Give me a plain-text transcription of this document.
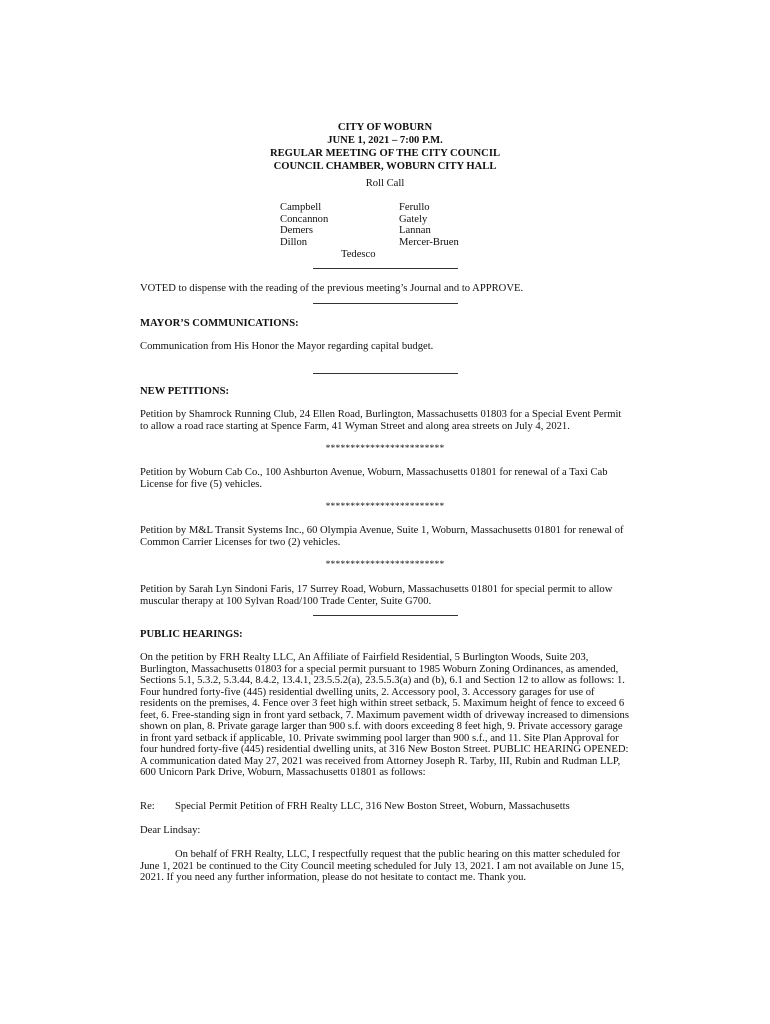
CITY OF WOBURN
JUNE 1, 2021 – 7:00 P.M.
REGULAR MEETING OF THE CITY COUNCIL
COUNCIL CHAMBER, WOBURN CITY HALL
Roll Call
Campbell
Concannon
Demers
Dillon
Ferullo
Gately
Lannan
Mercer-Bruen
Tedesco
VOTED to dispense with the reading of the previous meeting’s Journal and to APPROVE.
MAYOR’S COMMUNICATIONS:
Communication from His Honor the Mayor regarding capital budget.
NEW PETITIONS:
Petition by Shamrock Running Club, 24 Ellen Road, Burlington, Massachusetts 01803 for a Special Event Permit to allow a road race starting at Spence Farm, 41 Wyman Street and along area streets on July 4, 2021.
************************
Petition by Woburn Cab Co., 100 Ashburton Avenue, Woburn, Massachusetts 01801 for renewal of a Taxi Cab License for five (5) vehicles.
************************
Petition by M&L Transit Systems Inc., 60 Olympia Avenue, Suite 1, Woburn, Massachusetts 01801 for renewal of Common Carrier Licenses for two (2) vehicles.
************************
Petition by Sarah Lyn Sindoni Faris, 17 Surrey Road, Woburn, Massachusetts 01801 for special permit to allow muscular therapy at 100 Sylvan Road/100 Trade Center, Suite G700.
PUBLIC HEARINGS:
On the petition by FRH Realty LLC, An Affiliate of Fairfield Residential, 5 Burlington Woods, Suite 203, Burlington, Massachusetts 01803 for a special permit pursuant to 1985 Woburn Zoning Ordinances, as amended, Sections 5.1, 5.3.2, 5.3.44, 8.4.2, 13.4.1, 23.5.5.2(a), 23.5.5.3(a) and (b), 6.1 and Section 12 to allow as follows: 1. Four hundred forty-five (445) residential dwelling units, 2. Accessory pool, 3. Accessory garages for use of residents on the premises, 4. Fence over 3 feet high within street setback, 5. Maximum height of fence to exceed 6 feet, 6. Free-standing sign in front yard setback, 7. Maximum pavement width of driveway increased to dimensions shown on plan, 8. Private garage larger than 900 s.f. with doors exceeding 8 feet high, 9. Private accessory garage in front yard setback if applicable, 10. Private swimming pool larger than 900 s.f., and 11. Site Plan Approval for four hundred forty-five (445) residential dwelling units, at 316 New Boston Street. PUBLIC HEARING OPENED: A communication dated May 27, 2021 was received from Attorney Joseph R. Tarby, III, Rubin and Rudman LLP, 600 Unicorn Park Drive, Woburn, Massachusetts 01801 as follows:
Re: Special Permit Petition of FRH Realty LLC, 316 New Boston Street, Woburn, Massachusetts
Dear Lindsay:
On behalf of FRH Realty, LLC, I respectfully request that the public hearing on this matter scheduled for June 1, 2021 be continued to the City Council meeting scheduled for July 13, 2021. I am not available on June 15, 2021. If you need any further information, please do not hesitate to contact me. Thank you.
